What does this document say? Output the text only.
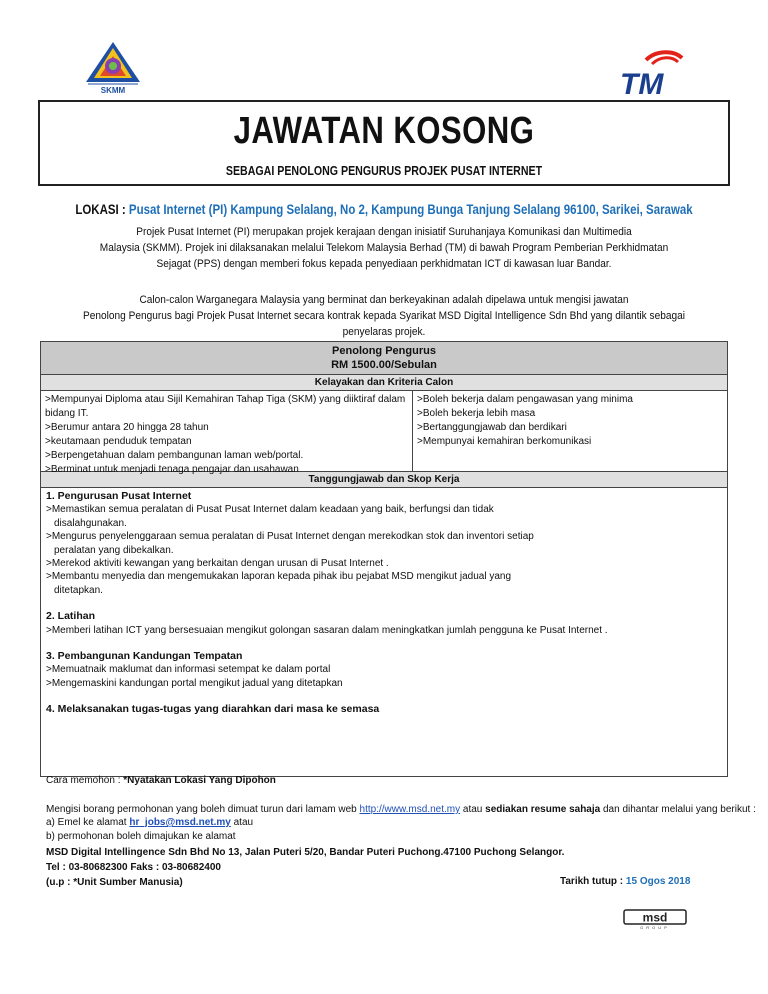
SKMM	TM
JAWATAN KOSONG
SEBAGAI PENOLONG PENGURUS PROJEK PUSAT INTERNET
LOKASI : Pusat Internet (PI) Kampung Selalang, No 2, Kampung Bunga Tanjung Selalang 96100, Sarikei, Sarawak
Projek Pusat Internet (PI) merupakan projek kerajaan dengan inisiatif Suruhanjaya Komunikasi dan Multimedia
Malaysia (SKMM). Projek ini dilaksanakan melalui Telekom Malaysia Berhad (TM) di bawah Program Pemberian Perkhidmatan
Sejagat (PPS) dengan memberi fokus kepada penyediaan perkhidmatan ICT di kawasan luar Bandar.
Calon-calon Warganegara Malaysia yang berminat dan berkeyakinan adalah dipelawa untuk mengisi jawatan
Penolong Pengurus bagi Projek Pusat Internet secara kontrak kepada Syarikat MSD Digital Intelligence Sdn Bhd yang dilantik sebagai penyelaras projek.
Penolong Pengurus
RM 1500.00/Sebulan
Kelayakan dan Kriteria Calon
>Mempunyai Diploma atau Sijil Kemahiran Tahap Tiga (SKM) yang diiktiraf dalam bidang IT.
>Berumur antara 20 hingga 28 tahun
>keutamaan penduduk tempatan
>Berpengetahuan dalam pembangunan laman web/portal.
>Berminat untuk menjadi tenaga pengajar dan usahawan
>Boleh bekerja dalam pengawasan yang minima
>Boleh bekerja lebih masa
>Bertanggungjawab dan berdikari
>Mempunyai kemahiran berkomunikasi
Tanggungjawab dan Skop Kerja
1. Pengurusan Pusat Internet
>Memastikan semua peralatan di Pusat Pusat Internet dalam keadaan yang baik, berfungsi dan tidak
disalahgunakan.
>Mengurus penyelenggaraan semua peralatan di Pusat Internet dengan merekodkan stok dan inventori setiap
peralatan yang dibekalkan.
>Merekod aktiviti kewangan yang berkaitan dengan urusan di Pusat Internet .
>Membantu menyedia dan mengemukakan laporan kepada pihak ibu pejabat MSD mengikut jadual yang
ditetapkan.
2. Latihan
>Memberi latihan ICT yang bersesuaian mengikut golongan sasaran dalam meningkatkan jumlah pengguna ke Pusat Internet .
3. Pembangunan Kandungan Tempatan
>Memuatnaik maklumat dan informasi setempat ke dalam portal
>Mengemaskini kandungan portal mengikut jadual yang ditetapkan
4. Melaksanakan tugas-tugas yang diarahkan dari masa ke semasa
Cara memohon : *Nyatakan Lokasi Yang Dipohon
Mengisi borang permohonan yang boleh dimuat turun dari lamam web http://www.msd.net.my atau sediakan resume sahaja dan dihantar melalui yang berikut :
a) Emel ke alamat hr_jobs@msd.net.my atau
b) permohonan boleh dimajukan ke alamat
MSD Digital Intellingence Sdn Bhd No 13, Jalan Puteri 5/20, Bandar Puteri Puchong.47100 Puchong Selangor.
Tel : 03-80682300 Faks : 03-80682400
(u.p : *Unit Sumber Manusia)	Tarikh tutup : 15 Ogos 2018
msd
GROUP
